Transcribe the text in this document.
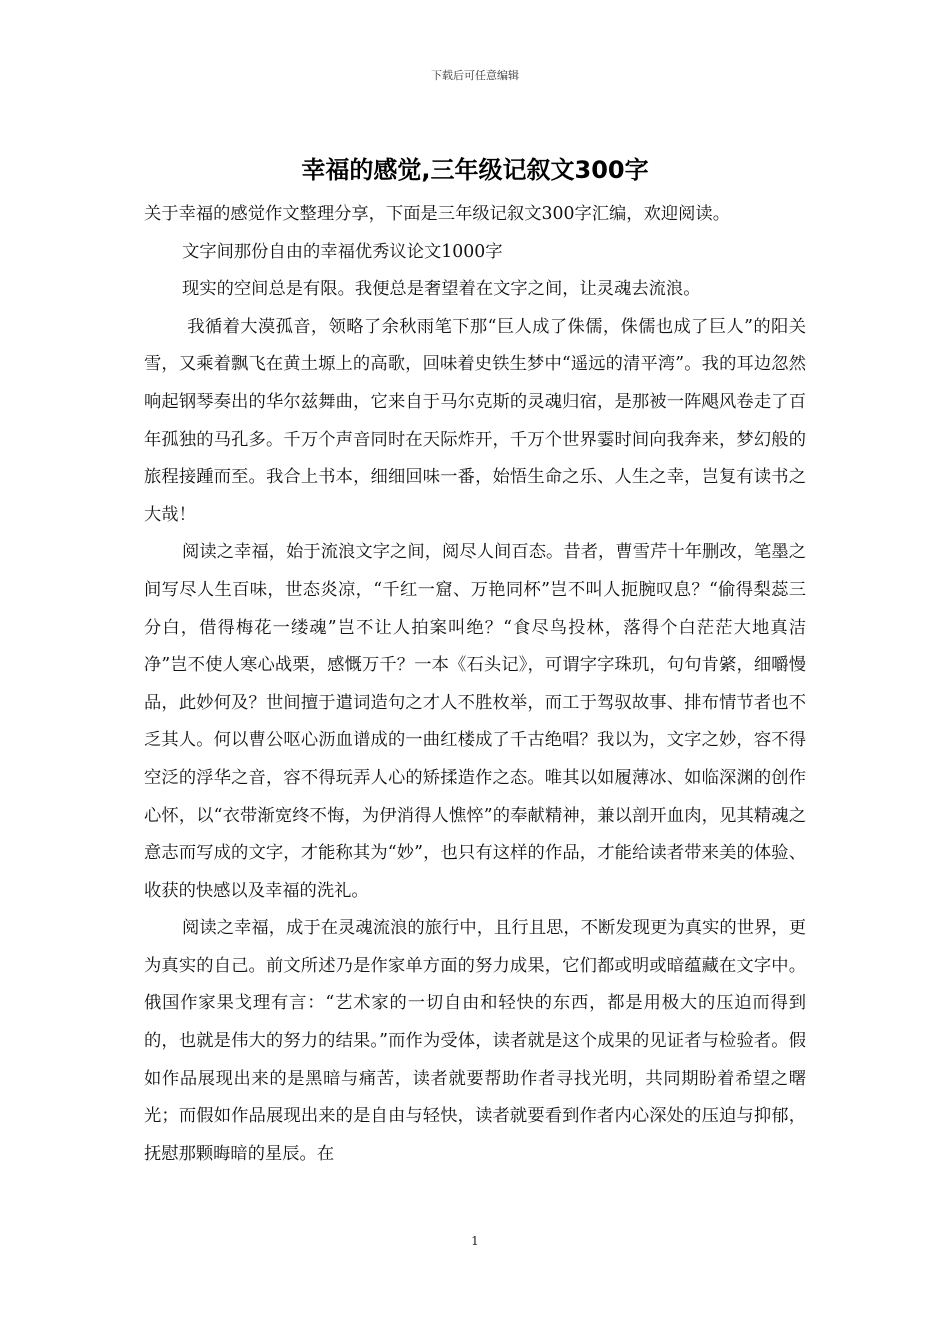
下载后可任意编辑
幸福的感觉,三年级记叙文300字

关于幸福的感觉作文整理分享，下面是三年级记叙文300字汇编，欢迎阅读。

文字间那份自由的幸福优秀议论文1000字

现实的空间总是有限。我便总是奢望着在文字之间，让灵魂去流浪。

我循着大漠孤音，领略了余秋雨笔下那“巨人成了侏儒，侏儒也成了巨人”的阳关雪，又乘着飘飞在黄土塬上的高歌，回味着史铁生梦中“遥远的清平湾”。我的耳边忽然响起钢琴奏出的华尔兹舞曲，它来自于马尔克斯的灵魂归宿，是那被一阵飓风卷走了百年孤独的马孔多。千万个声音同时在天际炸开，千万个世界霎时间向我奔来，梦幻般的旅程接踵而至。我合上书本，细细回味一番，始悟生命之乐、人生之幸，岂复有读书之大哉！

阅读之幸福，始于流浪文字之间，阅尽人间百态。昔者，曹雪芹十年删改，笔墨之间写尽人生百味，世态炎凉，“千红一窟、万艳同杯”岂不叫人扼腕叹息？“偷得梨蕊三分白，借得梅花一缕魂”岂不让人拍案叫绝？“食尽鸟投林，落得个白茫茫大地真洁净”岂不使人寒心战栗，感慨万千？一本《石头记》，可谓字字珠玑，句句肯綮，细嚼慢品，此妙何及？世间擅于遣词造句之才人不胜枚举，而工于驾驭故事、排布情节者也不乏其人。何以曹公呕心沥血谱成的一曲红楼成了千古绝唱？我以为，文字之妙，容不得空泛的浮华之音，容不得玩弄人心的矫揉造作之态。唯其以如履薄冰、如临深渊的创作心怀，以“衣带渐宽终不悔，为伊消得人憔悴”的奉献精神，兼以剖开血肉，见其精魂之意志而写成的文字，才能称其为“妙”，也只有这样的作品，才能给读者带来美的体验、收获的快感以及幸福的洗礼。

阅读之幸福，成于在灵魂流浪的旅行中，且行且思，不断发现更为真实的世界，更为真实的自己。前文所述乃是作家单方面的努力成果，它们都或明或暗蕴藏在文字中。俄国作家果戈理有言：“艺术家的一切自由和轻快的东西，都是用极大的压迫而得到的，也就是伟大的努力的结果。”而作为受体，读者就是这个成果的见证者与检验者。假如作品展现出来的是黑暗与痛苦，读者就要帮助作者寻找光明，共同期盼着希望之曙光；而假如作品展现出来的是自由与轻快，读者就要看到作者内心深处的压迫与抑郁，抚慰那颗晦暗的星辰。在

1
